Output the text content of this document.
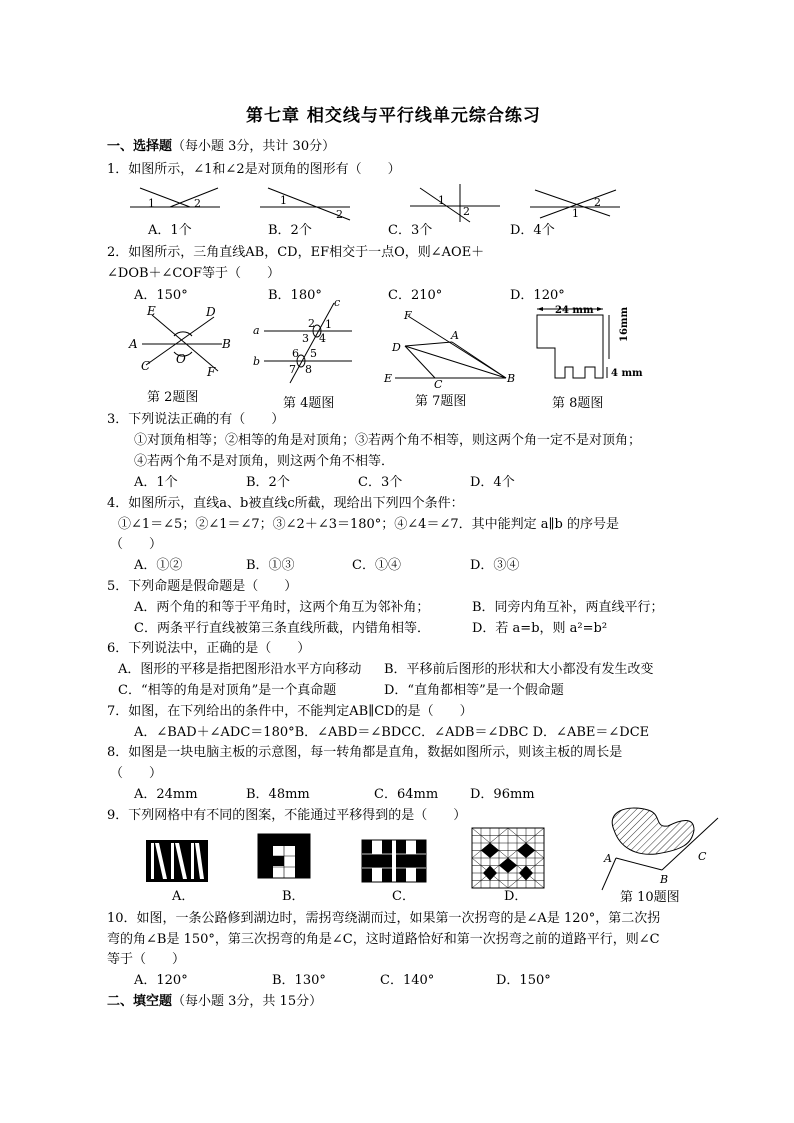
第七章 相交线与平行线单元综合练习
一、选择题（每小题 3分，共计 30分）
1．如图所示，∠1和∠2是对顶角的图形有（　　）
1	2	1
2
1
2	1
2
A．1个	B．2个	C．3个	D．4个
2．如图所示，三角直线AB，CD，EF相交于一点O，则∠AOE＋
∠DOB＋∠COF等于（　　）
A．150°	B．180°	C．210°	D．120°
E	D
A	B
C	F
O
第 2题图
a
b
c
2 1
3 4
6 5
7 8
第 4题图
F
A
D
E	C	B
第 7题图
24 mm	16mm
4 mm
第 8题图
3．下列说法正确的有（　　）
①对顶角相等；②相等的角是对顶角；③若两个角不相等，则这两个角一定不是对顶角；
④若两个角不是对顶角，则这两个角不相等．
A．1个	B．2个	C．3个	D．4个
4．如图所示，直线a、b被直线c所截，现给出下列四个条件：
①∠1＝∠5；②∠1＝∠7；③∠2＋∠3＝180°；④∠4＝∠7．其中能判定 a∥b 的序号是
（　　）
A．①②	B．①③	C．①④	D．③④
5．下列命题是假命题是（　　）
A．两个角的和等于平角时，这两个角互为邻补角；	B．同旁内角互补，两直线平行；
C．两条平行直线被第三条直线所截，内错角相等．	D．若 a=b，则 a²=b²
6．下列说法中，正确的是（　　）
A．图形的平移是指把图形沿水平方向移动 B．平移前后图形的形状和大小都没有发生改变
C．“相等的角是对顶角”是一个真命题	D．“直角都相等”是一个假命题
7．如图，在下列给出的条件中，不能判定AB∥CD的是（　　）
A．∠BAD＋∠ADC＝180°B．∠ABD＝∠BDCC．∠ADB＝∠DBC D．∠ABE＝∠DCE
8．如图是一块电脑主板的示意图，每一转角都是直角，数据如图所示，则该主板的周长是
（　　）
A．24mm	B．48mm	C．64mm D．96mm
9．下列网格中有不同的图案，不能通过平移得到的是（　　）
A．	B．	C．	D．
A
B
C
第 10题图
10．如图，一条公路修到湖边时，需拐弯绕湖而过，如果第一次拐弯的是∠A是 120°，第二次拐
弯的角∠B是 150°，第三次拐弯的角是∠C，这时道路恰好和第一次拐弯之前的道路平行，则∠C
等于（　　）
A．120°	B．130°	C．140°	D．150°
二、填空题（每小题 3分，共 15分）
